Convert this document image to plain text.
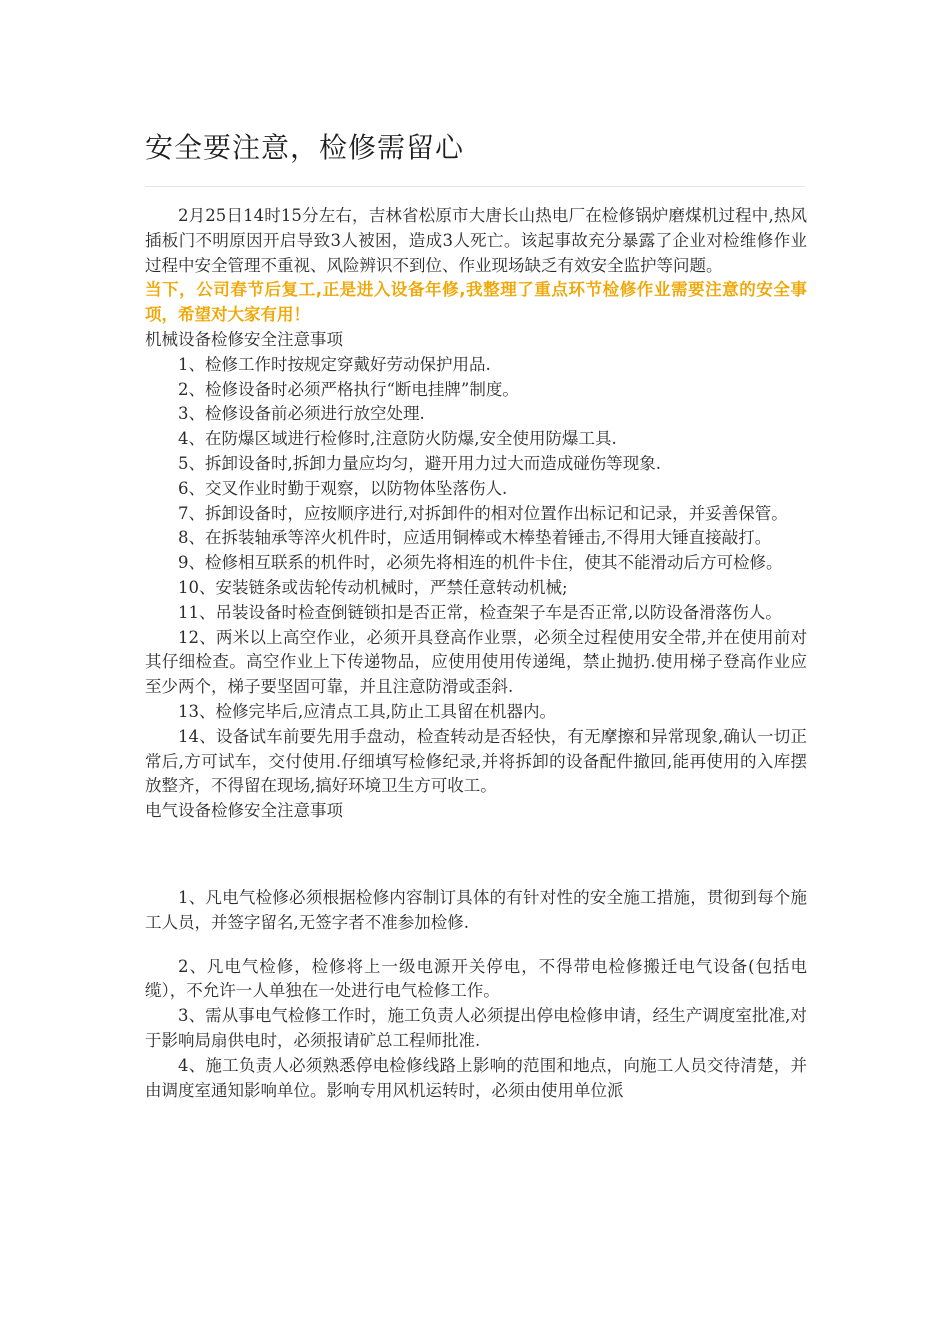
安全要注意，检修需留心

2月25日14时15分左右，吉林省松原市大唐长山热电厂在检修锅炉磨煤机过程中,热风插板门不明原因开启导致3人被困，造成3人死亡。该起事故充分暴露了企业对检维修作业过程中安全管理不重视、风险辨识不到位、作业现场缺乏有效安全监护等问题。

当下，公司春节后复工,正是进入设备年修,我整理了重点环节检修作业需要注意的安全事项，希望对大家有用！

机械设备检修安全注意事项

1、检修工作时按规定穿戴好劳动保护用品.

2、检修设备时必须严格执行“断电挂牌”制度。

3、检修设备前必须进行放空处理.

4、在防爆区域进行检修时,注意防火防爆,安全使用防爆工具.

5、拆卸设备时,拆卸力量应均匀，避开用力过大而造成碰伤等现象.

6、交叉作业时勤于观察，以防物体坠落伤人.

7、拆卸设备时，应按顺序进行,对拆卸件的相对位置作出标记和记录，并妥善保管。

8、在拆装轴承等淬火机件时，应适用铜棒或木棒垫着锤击,不得用大锤直接敲打。

9、检修相互联系的机件时，必须先将相连的机件卡住，使其不能滑动后方可检修。

10、安装链条或齿轮传动机械时，严禁任意转动机械;

11、吊装设备时检查倒链锁扣是否正常，检查架子车是否正常,以防设备滑落伤人。

12、两米以上高空作业，必须开具登高作业票，必须全过程使用安全带,并在使用前对其仔细检查。高空作业上下传递物品，应使用使用传递绳，禁止抛扔.使用梯子登高作业应至少两个，梯子要坚固可靠，并且注意防滑或歪斜.

13、检修完毕后,应清点工具,防止工具留在机器内。

14、设备试车前要先用手盘动，检查转动是否轻快，有无摩擦和异常现象,确认一切正常后,方可试车，交付使用.仔细填写检修纪录,并将拆卸的设备配件撤回,能再使用的入库摆放整齐，不得留在现场,搞好环境卫生方可收工。

电气设备检修安全注意事项

1、凡电气检修必须根据检修内容制订具体的有针对性的安全施工措施，贯彻到每个施工人员，并签字留名,无签字者不准参加检修.

2、凡电气检修，检修将上一级电源开关停电，不得带电检修搬迁电气设备(包括电缆），不允许一人单独在一处进行电气检修工作。

3、需从事电气检修工作时，施工负责人必须提出停电检修申请，经生产调度室批准,对于影响局扇供电时，必须报请矿总工程师批准.

4、施工负责人必须熟悉停电检修线路上影响的范围和地点，向施工人员交待清楚，并由调度室通知影响单位。影响专用风机运转时，必须由使用单位派
